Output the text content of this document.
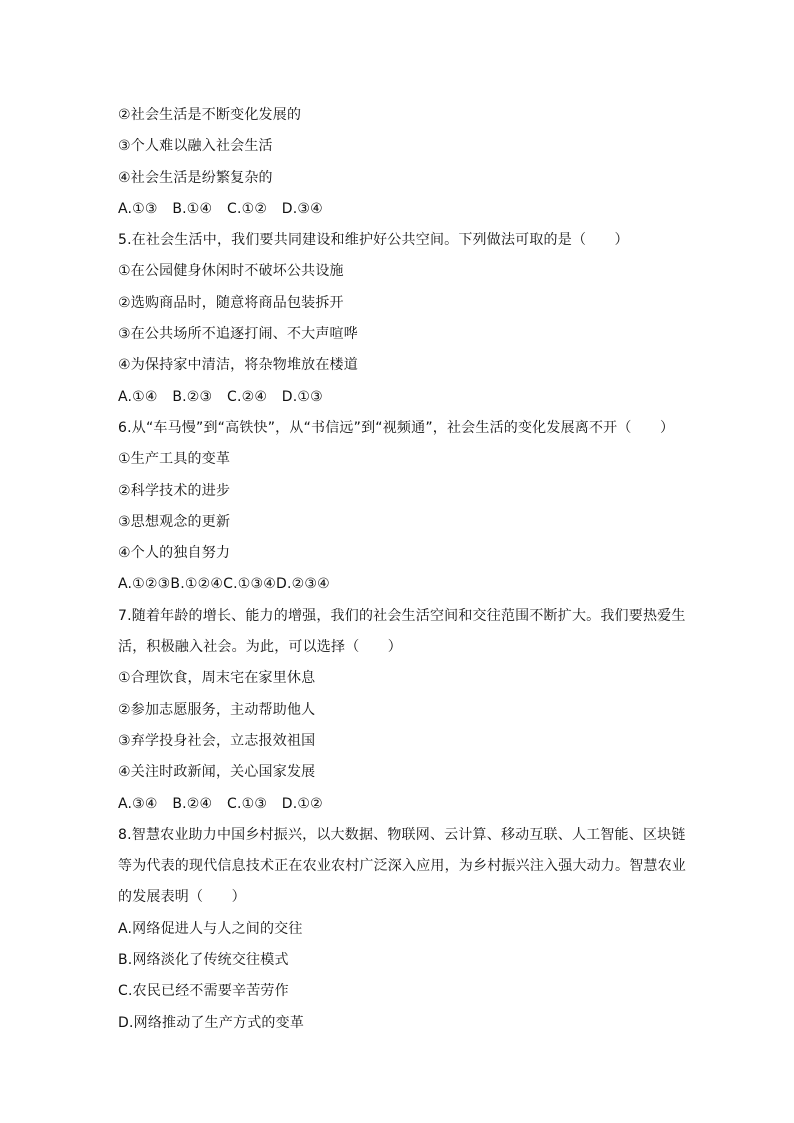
②社会生活是不断变化发展的
③个人难以融入社会生活
④社会生活是纷繁复杂的
A.①③ B.①④ C.①② D.③④
5.在社会生活中，我们要共同建设和维护好公共空间。下列做法可取的是（　　）
①在公园健身休闲时不破坏公共设施
②选购商品时，随意将商品包装拆开
③在公共场所不追逐打闹、不大声喧哗
④为保持家中清洁，将杂物堆放在楼道
A.①④ B.②③ C.②④ D.①③
6.从“车马慢”到“高铁快”，从“书信远”到“视频通”，社会生活的变化发展离不开（　　）
①生产工具的变革
②科学技术的进步
③思想观念的更新
④个人的独自努力
A.①②③B.①②④C.①③④D.②③④
7.随着年龄的增长、能力的增强，我们的社会生活空间和交往范围不断扩大。我们要热爱生
活，积极融入社会。为此，可以选择（　　）
①合理饮食，周末宅在家里休息
②参加志愿服务，主动帮助他人
③弃学投身社会，立志报效祖国
④关注时政新闻，关心国家发展
A.③④ B.②④ C.①③ D.①②
8.智慧农业助力中国乡村振兴，以大数据、物联网、云计算、移动互联、人工智能、区块链
等为代表的现代信息技术正在农业农村广泛深入应用，为乡村振兴注入强大动力。智慧农业
的发展表明（　　）
A.网络促进人与人之间的交往
B.网络淡化了传统交往模式
C.农民已经不需要辛苦劳作
D.网络推动了生产方式的变革
